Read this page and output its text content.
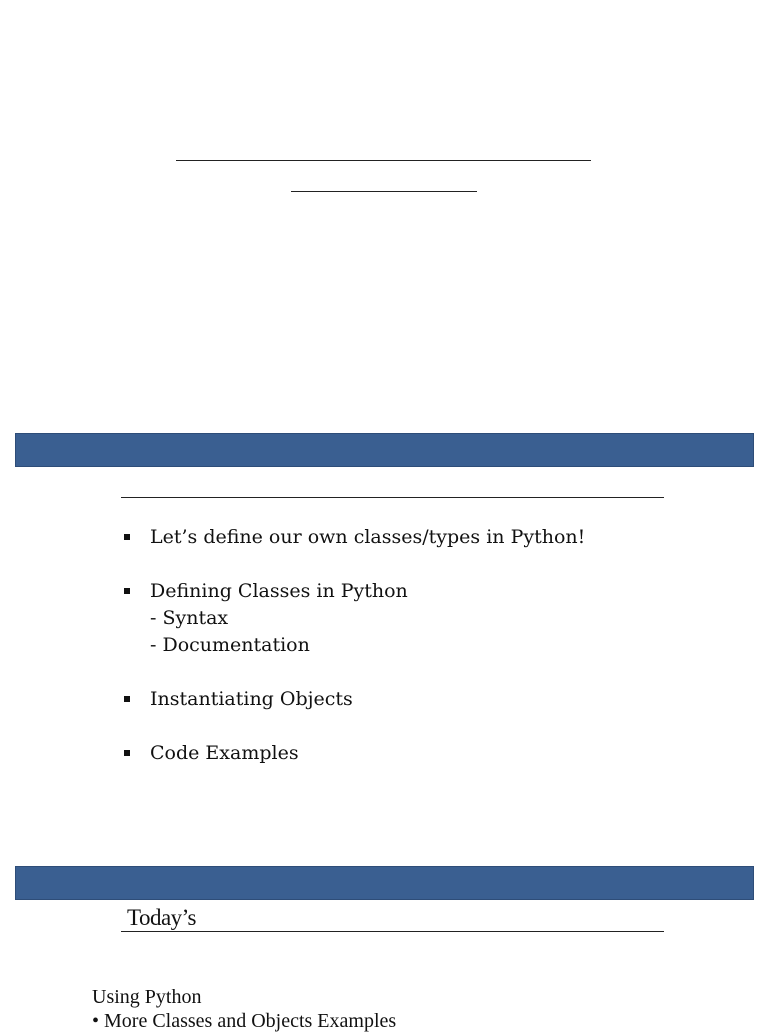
Let’s define our own classes/types in Python!
Defining Classes in Python
- Syntax
- Documentation
Instantiating Objects
Code Examples
Today’s
Using Python
• More Classes and Objects Examples
